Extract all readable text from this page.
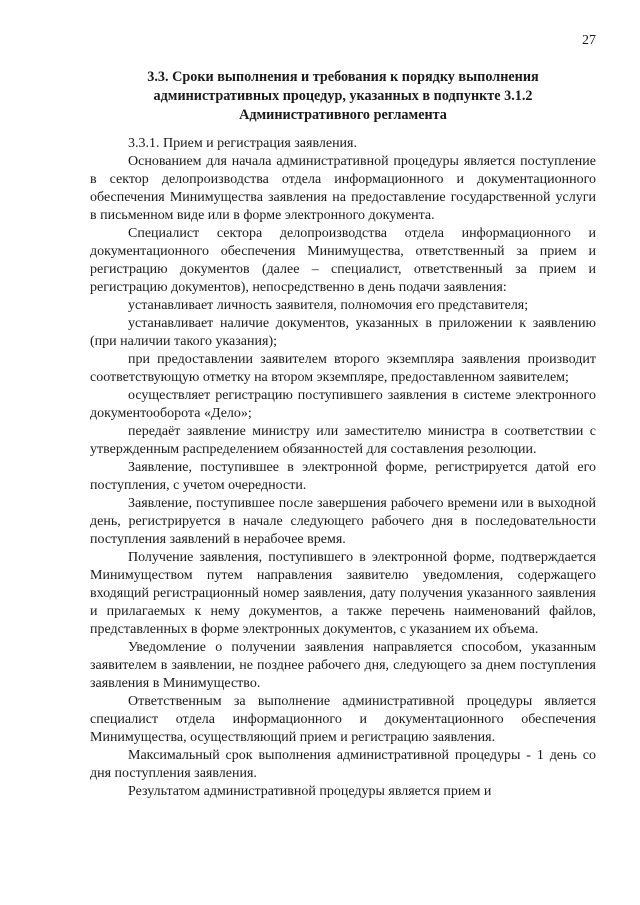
27
3.3. Сроки выполнения и требования к порядку выполнения
административных процедур, указанных в подпункте 3.1.2
Административного регламента

3.3.1. Прием и регистрация заявления.

Основанием для начала административной процедуры является поступление в сектор делопроизводства отдела информационного и документационного обеспечения Минимущества заявления на предоставление государственной услуги в письменном виде или в форме электронного документа.

Специалист сектора делопроизводства отдела информационного и документационного обеспечения Минимущества, ответственный за прием и регистрацию документов (далее – специалист, ответственный за прием и регистрацию документов), непосредственно в день подачи заявления:

устанавливает личность заявителя, полномочия его представителя;

устанавливает наличие документов, указанных в приложении к заявлению (при наличии такого указания);

при предоставлении заявителем второго экземпляра заявления производит соответствующую отметку на втором экземпляре, предоставленном заявителем;

осуществляет регистрацию поступившего заявления в системе электронного документооборота «Дело»;

передаёт заявление министру или заместителю министра в соответствии с утвержденным распределением обязанностей для составления резолюции.

Заявление, поступившее в электронной форме, регистрируется датой его поступления, с учетом очередности.

Заявление, поступившее после завершения рабочего времени или в выходной день, регистрируется в начале следующего рабочего дня в последовательности поступления заявлений в нерабочее время.

Получение заявления, поступившего в электронной форме, подтверждается Минимуществом путем направления заявителю уведомления, содержащего входящий регистрационный номер заявления, дату получения указанного заявления и прилагаемых к нему документов, а также перечень наименований файлов, представленных в форме электронных документов, с указанием их объема.

Уведомление о получении заявления направляется способом, указанным заявителем в заявлении, не позднее рабочего дня, следующего за днем поступления заявления в Минимущество.

Ответственным за выполнение административной процедуры является специалист отдела информационного и документационного обеспечения Минимущества, осуществляющий прием и регистрацию заявления.

Максимальный срок выполнения административной процедуры - 1 день со дня поступления заявления.

Результатом административной процедуры является прием и
